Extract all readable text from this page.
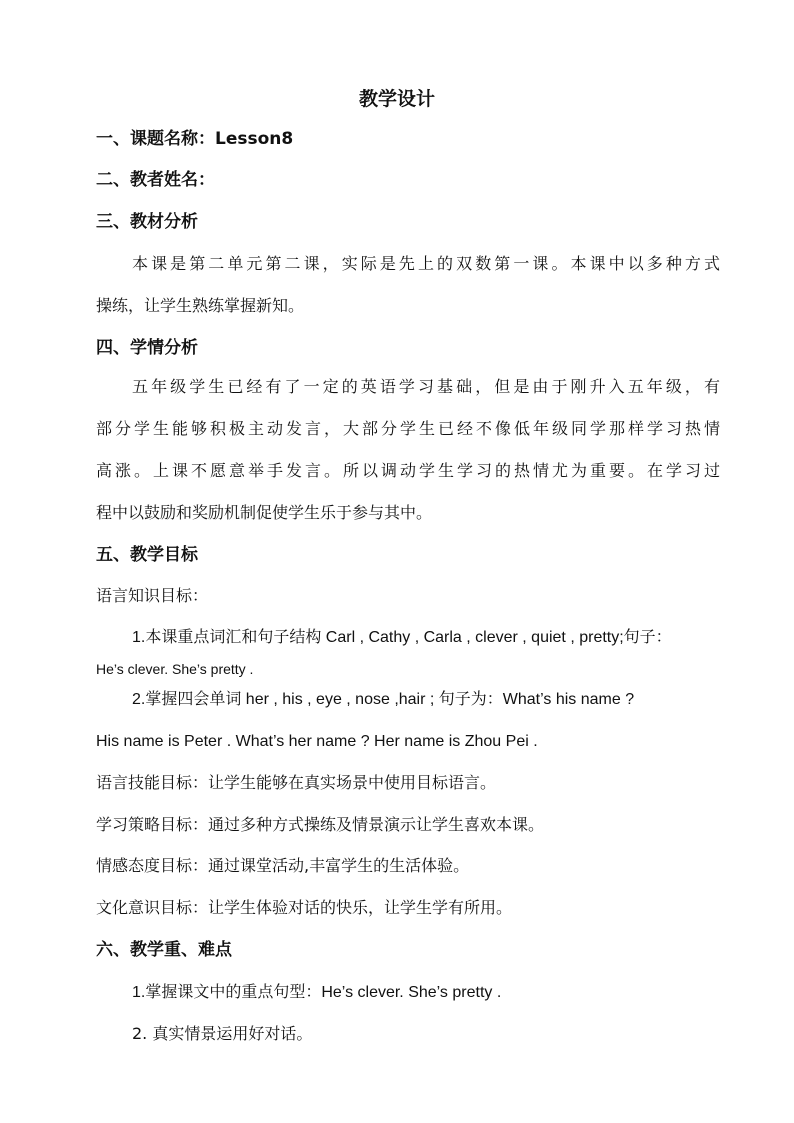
教学设计
一、课题名称：Lesson8
二、教者姓名：
三、教材分析
本课是第二单元第二课，实际是先上的双数第一课。本课中以多种方式
操练，让学生熟练掌握新知。
四、学情分析
五年级学生已经有了一定的英语学习基础，但是由于刚升入五年级，有
部分学生能够积极主动发言，大部分学生已经不像低年级同学那样学习热情
高涨。上课不愿意举手发言。所以调动学生学习的热情尤为重要。在学习过
程中以鼓励和奖励机制促使学生乐于参与其中。
五、教学目标
语言知识目标：
1.本课重点词汇和句子结构 Carl , Cathy , Carla , clever , quiet , pretty;句子：
He’s clever. She’s pretty .
2.掌握四会单词 her , his , eye , nose ,hair ; 句子为：What’s his name ?
His name is Peter . What’s her name ? Her name is Zhou Pei .
语言技能目标：让学生能够在真实场景中使用目标语言。
学习策略目标：通过多种方式操练及情景演示让学生喜欢本课。
情感态度目标：通过课堂活动,丰富学生的生活体验。
文化意识目标：让学生体验对话的快乐，让学生学有所用。
六、教学重、难点
1.掌握课文中的重点句型：He’s clever. She’s pretty .
2. 真实情景运用好对话。
